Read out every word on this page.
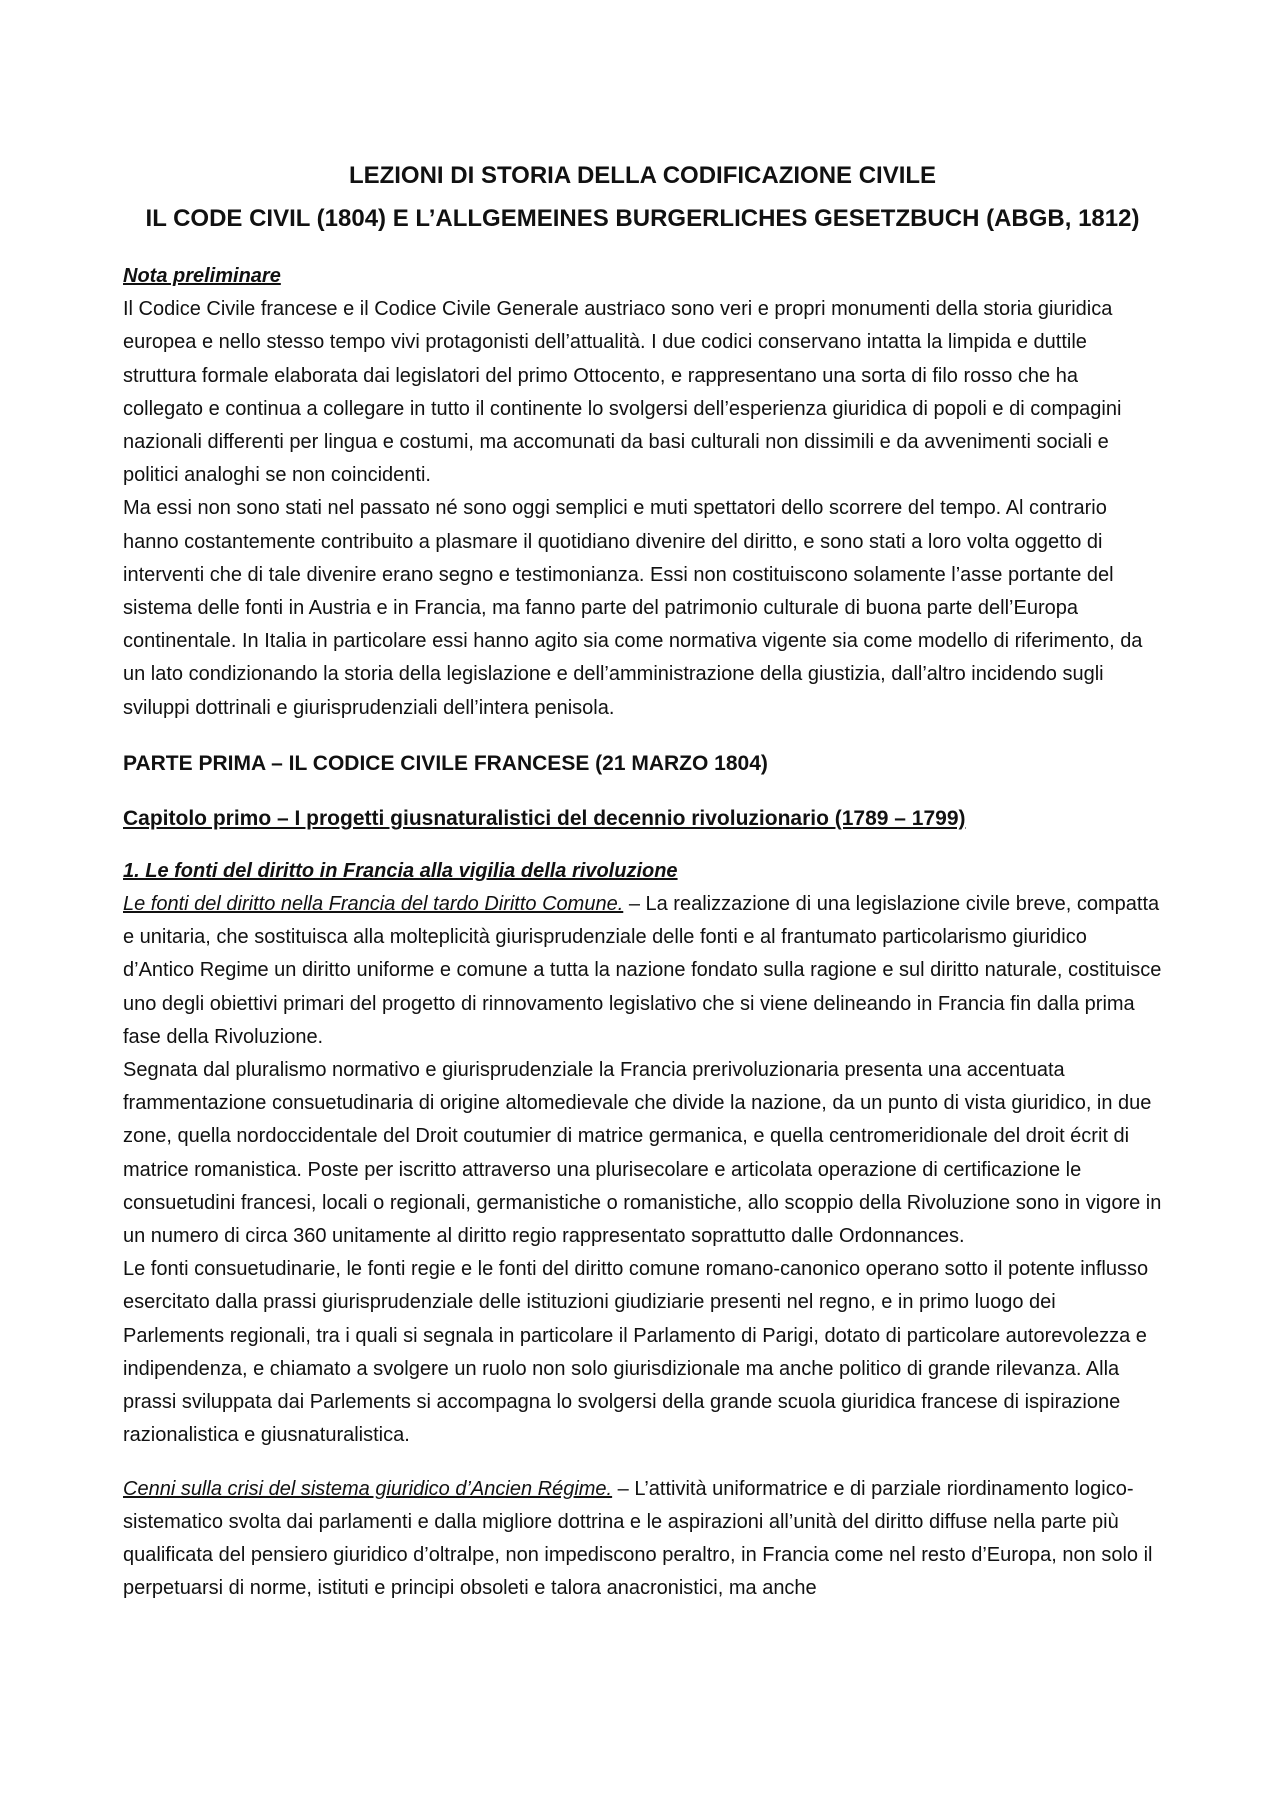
LEZIONI DI STORIA DELLA CODIFICAZIONE CIVILE
IL CODE CIVIL (1804) E L’ALLGEMEINES BURGERLICHES GESETZBUCH (ABGB, 1812)

Nota preliminare

Il Codice Civile francese e il Codice Civile Generale austriaco sono veri e propri monumenti della storia giuridica europea e nello stesso tempo vivi protagonisti dell’attualità. I due codici conservano intatta la limpida e duttile struttura formale elaborata dai legislatori del primo Ottocento, e rappresentano una sorta di filo rosso che ha collegato e continua a collegare in tutto il continente lo svolgersi dell’esperienza giuridica di popoli e di compagini nazionali differenti per lingua e costumi, ma accomunati da basi culturali non dissimili e da avvenimenti sociali e politici analoghi se non coincidenti.

Ma essi non sono stati nel passato né sono oggi semplici e muti spettatori dello scorrere del tempo. Al contrario hanno costantemente contribuito a plasmare il quotidiano divenire del diritto, e sono stati a loro volta oggetto di interventi che di tale divenire erano segno e testimonianza. Essi non costituiscono solamente l’asse portante del sistema delle fonti in Austria e in Francia, ma fanno parte del patrimonio culturale di buona parte dell’Europa continentale. In Italia in particolare essi hanno agito sia come normativa vigente sia come modello di riferimento, da un lato condizionando la storia della legislazione e dell’amministrazione della giustizia, dall’altro incidendo sugli sviluppi dottrinali e giurisprudenziali dell’intera penisola.

PARTE PRIMA – IL CODICE CIVILE FRANCESE (21 MARZO 1804)

Capitolo primo – I progetti giusnaturalistici del decennio rivoluzionario (1789 – 1799)

1. Le fonti del diritto in Francia alla vigilia della rivoluzione

Le fonti del diritto nella Francia del tardo Diritto Comune. – La realizzazione di una legislazione civile breve, compatta e unitaria, che sostituisca alla molteplicità giurisprudenziale delle fonti e al frantumato particolarismo giuridico d’Antico Regime un diritto uniforme e comune a tutta la nazione fondato sulla ragione e sul diritto naturale, costituisce uno degli obiettivi primari del progetto di rinnovamento legislativo che si viene delineando in Francia fin dalla prima fase della Rivoluzione.

Segnata dal pluralismo normativo e giurisprudenziale la Francia prerivoluzionaria presenta una accentuata frammentazione consuetudinaria di origine altomedievale che divide la nazione, da un punto di vista giuridico, in due zone, quella nordoccidentale del Droit coutumier di matrice germanica, e quella centromeridionale del droit écrit di matrice romanistica. Poste per iscritto attraverso una plurisecolare e articolata operazione di certificazione le consuetudini francesi, locali o regionali, germanistiche o romanistiche, allo scoppio della Rivoluzione sono in vigore in un numero di circa 360 unitamente al diritto regio rappresentato soprattutto dalle Ordonnances.

Le fonti consuetudinarie, le fonti regie e le fonti del diritto comune romano-canonico operano sotto il potente influsso esercitato dalla prassi giurisprudenziale delle istituzioni giudiziarie presenti nel regno, e in primo luogo dei Parlements regionali, tra i quali si segnala in particolare il Parlamento di Parigi, dotato di particolare autorevolezza e indipendenza, e chiamato a svolgere un ruolo non solo giurisdizionale ma anche politico di grande rilevanza. Alla prassi sviluppata dai Parlements si accompagna lo svolgersi della grande scuola giuridica francese di ispirazione razionalistica e giusnaturalistica.

Cenni sulla crisi del sistema giuridico d’Ancien Régime. – L’attività uniformatrice e di parziale riordinamento logico-sistematico svolta dai parlamenti e dalla migliore dottrina e le aspirazioni all’unità del diritto diffuse nella parte più qualificata del pensiero giuridico d’oltralpe, non impediscono peraltro, in Francia come nel resto d’Europa, non solo il perpetuarsi di norme, istituti e principi obsoleti e talora anacronistici, ma anche
